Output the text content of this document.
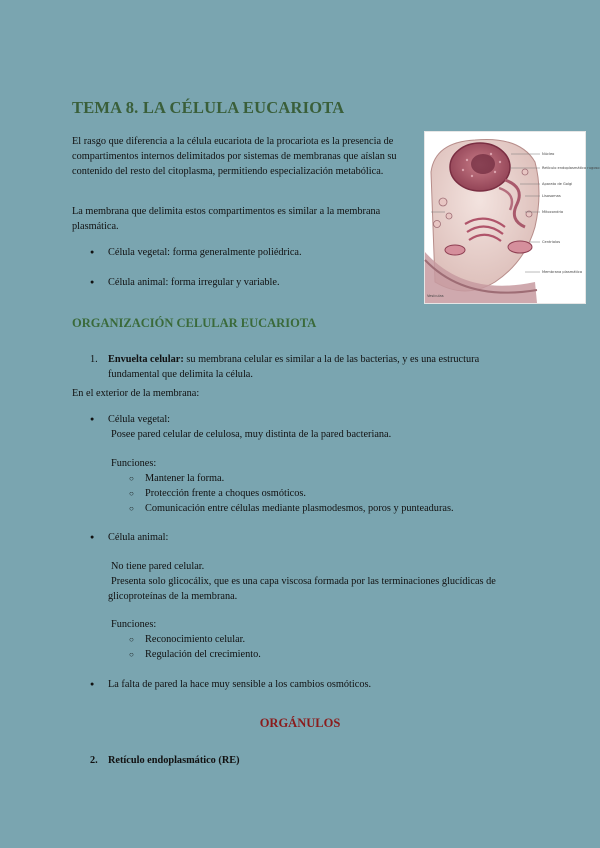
TEMA 8. LA CÉLULA EUCARIOTA
El rasgo que diferencia a la célula eucariota de la procariota es la presencia de compartimentos internos delimitados por sistemas de membranas que aíslan su contenido del resto del citoplasma, permitiendo especialización metabólica.
La membrana que delimita estos compartimentos es similar a la membrana plasmática.
● Célula vegetal: forma generalmente poliédrica.
● Célula animal: forma irregular y variable.
Núcleo
Retículo endoplasmático rugoso
Aparato de Golgi
Lisosomas
Mitocondria
Centriolos
Membrana plasmática
Vesículas
ORGANIZACIÓN CELULAR EUCARIOTA
1. Envuelta celular: su membrana celular es similar a la de las bacterias, y es una estructura
fundamental que delimita la célula.
En el exterior de la membrana:
● Célula vegetal:
Posee pared celular de celulosa, muy distinta de la pared bacteriana.
Funciones:
○ Mantener la forma.
○ Protección frente a choques osmóticos.
○ Comunicación entre células mediante plasmodesmos, poros y punteaduras.
● Célula animal:
No tiene pared celular.
Presenta solo glicocálix, que es una capa viscosa formada por las terminaciones glucídicas de
glicoproteínas de la membrana.
Funciones:
○ Reconocimiento celular.
○ Regulación del crecimiento.
● La falta de pared la hace muy sensible a los cambios osmóticos.
ORGÁNULOS
2. Retículo endoplasmático (RE)
